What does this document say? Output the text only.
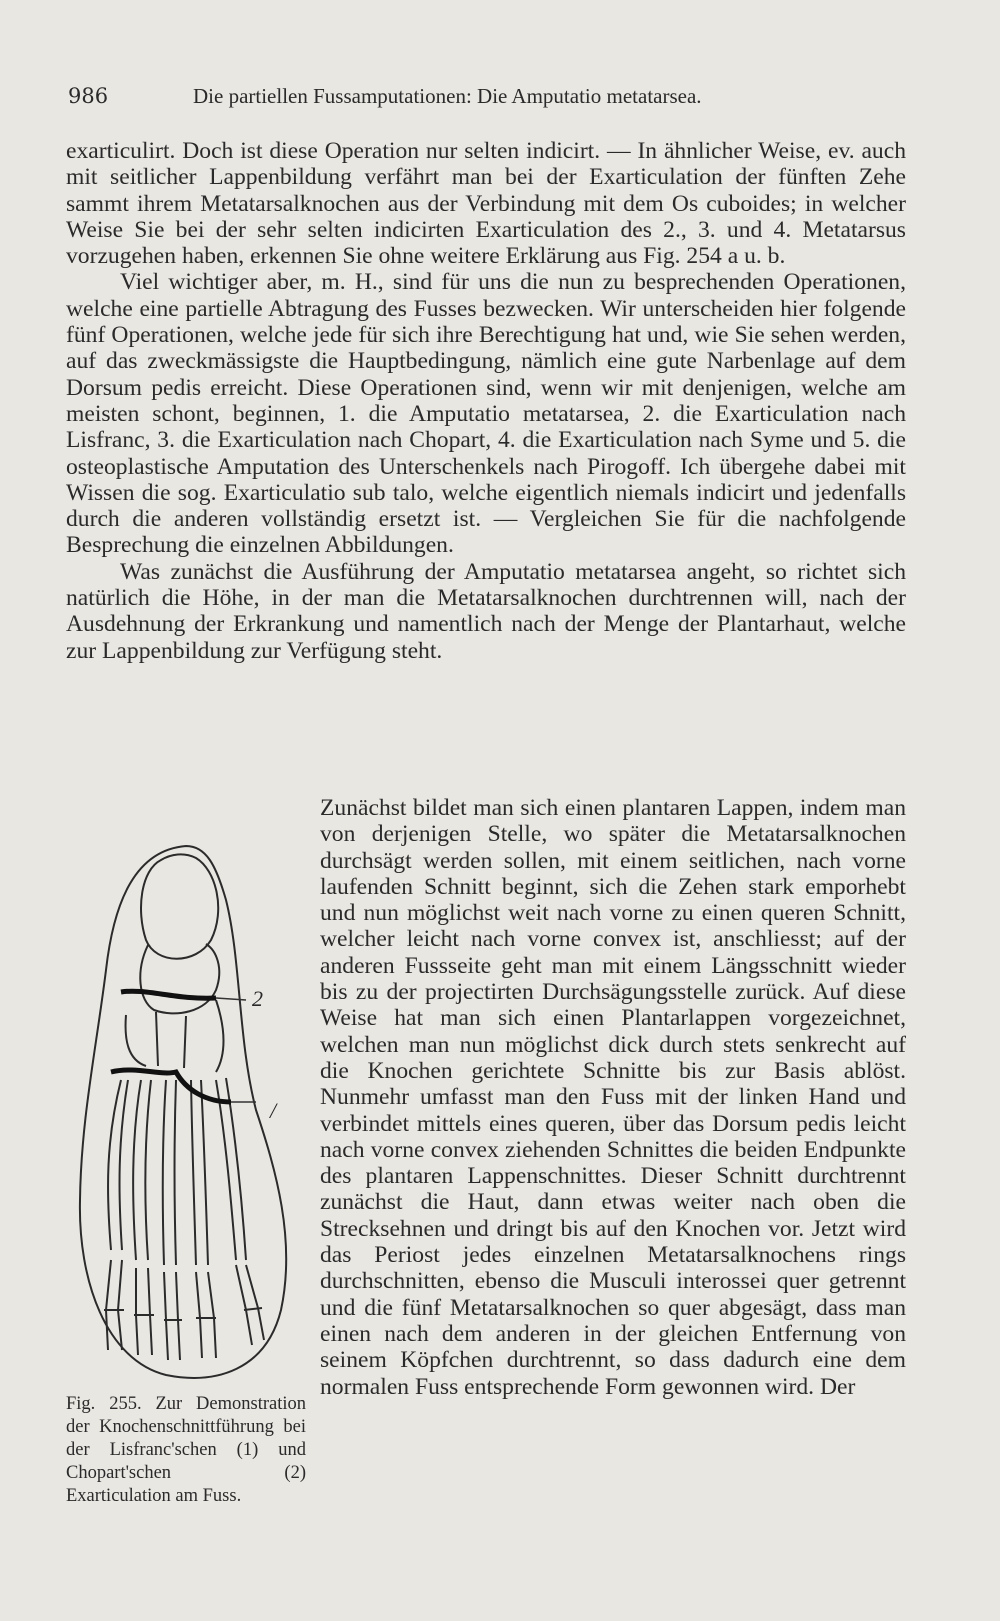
986	Die partiellen Fussamputationen: Die Amputatio metatarsea.

exarticulirt. Doch ist diese Operation nur selten indicirt. — In ähnlicher Weise, ev. auch mit seitlicher Lappenbildung verfährt man bei der Exarticulation der fünften Zehe sammt ihrem Metatarsalknochen aus der Verbindung mit dem Os cuboides; in welcher Weise Sie bei der sehr selten indicirten Exarticulation des 2., 3. und 4. Metatarsus vorzugehen haben, erkennen Sie ohne weitere Erklärung aus Fig. 254 a u. b.

Viel wichtiger aber, m. H., sind für uns die nun zu besprechenden Operationen, welche eine partielle Abtragung des Fusses bezwecken. Wir unterscheiden hier folgende fünf Operationen, welche jede für sich ihre Berechtigung hat und, wie Sie sehen werden, auf das zweckmässigste die Hauptbedingung, nämlich eine gute Narbenlage auf dem Dorsum pedis erreicht. Diese Operationen sind, wenn wir mit denjenigen, welche am meisten schont, beginnen, 1. die Amputatio metatarsea, 2. die Exarticulation nach Lisfranc, 3. die Exarticulation nach Chopart, 4. die Exarticulation nach Syme und 5. die osteoplastische Amputation des Unterschenkels nach Pirogoff. Ich übergehe dabei mit Wissen die sog. Exarticulatio sub talo, welche eigentlich niemals indicirt und jedenfalls durch die anderen vollständig ersetzt ist. — Vergleichen Sie für die nachfolgende Besprechung die einzelnen Abbildungen.

Was zunächst die Ausführung der Amputatio metatarsea angeht, so richtet sich natürlich die Höhe, in der man die Metatarsalknochen durchtrennen will, nach der Ausdehnung der Erkrankung und namentlich nach der Menge der Plantarhaut, welche zur Lappenbildung zur Verfügung steht.

2
/
Fig. 255. Zur Demonstration der Knochenschnittführung bei der Lisfranc'schen (1) und Chopart'schen (2) Exarticulation am Fuss.

Zunächst bildet man sich einen plantaren Lappen, indem man von derjenigen Stelle, wo später die Metatarsalknochen durchsägt werden sollen, mit einem seitlichen, nach vorne laufenden Schnitt beginnt, sich die Zehen stark emporhebt und nun möglichst weit nach vorne zu einen queren Schnitt, welcher leicht nach vorne convex ist, anschliesst; auf der anderen Fussseite geht man mit einem Längsschnitt wieder bis zu der projectirten Durchsägungsstelle zurück. Auf diese Weise hat man sich einen Plantarlappen vorgezeichnet, welchen man nun möglichst dick durch stets senkrecht auf die Knochen gerichtete Schnitte bis zur Basis ablöst. Nunmehr umfasst man den Fuss mit der linken Hand und verbindet mittels eines queren, über das Dorsum pedis leicht nach vorne convex ziehenden Schnittes die beiden Endpunkte des plantaren Lappenschnittes. Dieser Schnitt durchtrennt zunächst die Haut, dann etwas weiter nach oben die Strecksehnen und dringt bis auf den Knochen vor. Jetzt wird das Periost jedes einzelnen Metatarsalknochens rings durchschnitten, ebenso die Musculi interossei quer getrennt und die fünf Metatarsalknochen so quer abgesägt, dass man einen nach dem anderen in der gleichen Entfernung von seinem Köpfchen durchtrennt, so dass dadurch eine dem normalen Fuss entsprechende Form gewonnen wird. Der
